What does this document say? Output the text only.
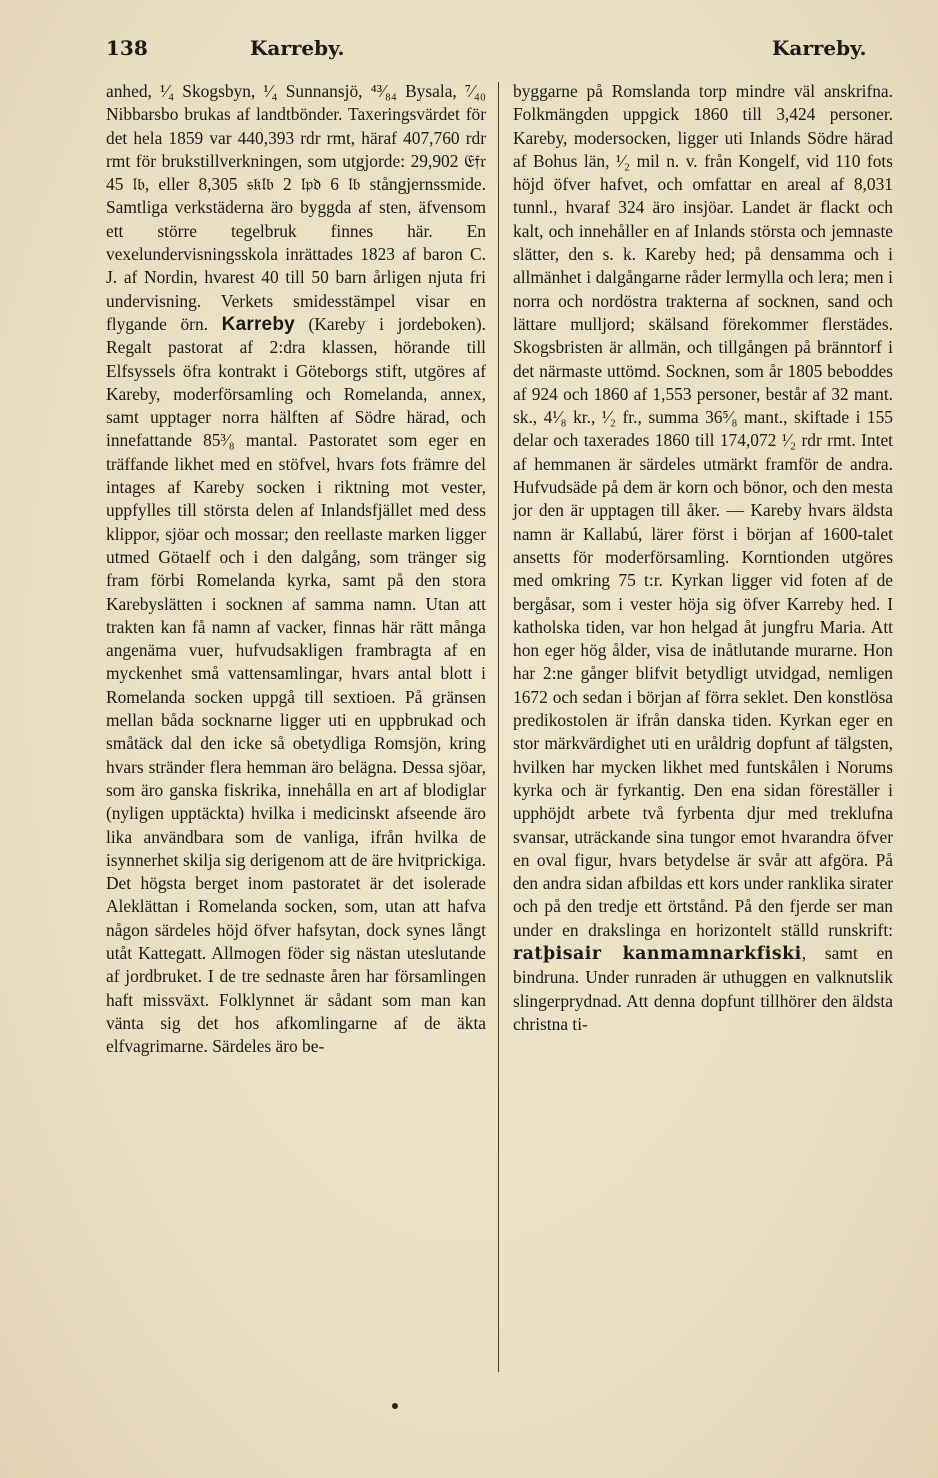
138	Karreby.	Karreby.

anhed, ¹⁄₄ Skogsbyn, ¹⁄₄ Sunnansjö, ⁴³⁄₈₄ Bysala, ⁷⁄₄₀ Nibbarsbo brukas af landtbönder. Taxeringsvärdet för det hela 1859 var 440,393 rdr rmt, häraf 407,760 rdr rmt för brukstillverkningen, som utgjorde: 29,902 𝔈𝔣𝔯 45 𝔩𝔟, eller 8,305 𝔰𝔨𝔩𝔟 2 𝔩𝔭𝔡 6 𝔩𝔟 stångjernssmide. Samtliga verkstäderna äro byggda af sten, äfvensom ett större tegelbruk finnes här. En vexelundervisningsskola inrättades 1823 af baron C. J. af Nordin, hvarest 40 till 50 barn årligen njuta fri undervisning. Verkets smidesstämpel visar en flygande örn. Karreby (Kareby i jordeboken). Regalt pastorat af 2:dra klassen, hörande till Elfsyssels öfra kontrakt i Göteborgs stift, utgöres af Kareby, moderförsamling och Romelanda, annex, samt upptager norra hälften af Södre härad, och innefattande 85³⁄₈ mantal. Pastoratet som eger en träffande likhet med en stöfvel, hvars fots främre del intages af Kareby socken i riktning mot vester, uppfylles till största delen af Inlandsfjället med dess klippor, sjöar och mossar; den reellaste marken ligger utmed Götaelf och i den dalgång, som tränger sig fram förbi Romelanda kyrka, samt på den stora Karebyslätten i socknen af samma namn. Utan att trakten kan få namn af vacker, finnas här rätt många angenäma vuer, hufvudsakligen frambragta af en myckenhet små vattensamlingar, hvars antal blott i Romelanda socken uppgå till sextioen. På gränsen mellan båda socknarne ligger uti en uppbrukad och småtäck dal den icke så obetydliga Romsjön, kring hvars stränder flera hemman äro belägna. Dessa sjöar, som äro ganska fiskrika, innehålla en art af blodiglar (nyligen upptäckta) hvilka i medicinskt afseende äro lika användbara som de vanliga, ifrån hvilka de isynnerhet skilja sig derigenom att de äre hvitprickiga. Det högsta berget inom pastoratet är det isolerade Aleklättan i Romelanda socken, som, utan att hafva någon särdeles höjd öfver hafsytan, dock synes långt utåt Kattegatt. Allmogen föder sig nästan uteslutande af jordbruket. I de tre sednaste åren har församlingen haft missväxt. Folklynnet är sådant som man kan vänta sig det hos afkomlingarne af de äkta elfvagrimarne. Särdeles äro be-

byggarne på Romslanda torp mindre väl anskrifna. Folkmängden uppgick 1860 till 3,424 personer. Kareby, modersocken, ligger uti Inlands Södre härad af Bohus län, ¹⁄₂ mil n. v. från Kongelf, vid 110 fots höjd öfver hafvet, och omfattar en areal af 8,031 tunnl., hvaraf 324 äro insjöar. Landet är flackt och kalt, och innehåller en af Inlands största och jemnaste slätter, den s. k. Kareby hed; på densamma och i allmänhet i dalgångarne råder lermylla och lera; men i norra och nordöstra trakterna af socknen, sand och lättare mulljord; skälsand förekommer flerstädes. Skogsbristen är allmän, och tillgången på bränntorf i det närmaste uttömd. Socknen, som år 1805 beboddes af 924 och 1860 af 1,553 personer, består af 32 mant. sk., 4¹⁄₈ kr., ¹⁄₂ fr., summa 36⁵⁄₈ mant., skiftade i 155 delar och taxerades 1860 till 174,072 ¹⁄₂ rdr rmt. Intet af hemmanen är särdeles utmärkt framför de andra. Hufvudsäde på dem är korn och bönor, och den mesta jor den är upptagen till åker. — Kareby hvars äldsta namn är Kallabú, lärer först i början af 1600-talet ansetts för moderförsamling. Korntionden utgöres med omkring 75 t:r. Kyrkan ligger vid foten af de bergåsar, som i vester höja sig öfver Karreby hed. I katholska tiden, var hon helgad åt jungfru Maria. Att hon eger hög ålder, visa de inåtlutande murarne. Hon har 2:ne gånger blifvit betydligt utvidgad, nemligen 1672 och sedan i början af förra seklet. Den konstlösa predikostolen är ifrån danska tiden. Kyrkan eger en stor märkvärdighet uti en uråldrig dopfunt af tälgsten, hvilken har mycken likhet med funtskålen i Norums kyrka och är fyrkantig. Den ena sidan föreställer i upphöjdt arbete två fyrbenta djur med treklufna svansar, uträckande sina tungor emot hvarandra öfver en oval figur, hvars betydelse är svår att afgöra. På den andra sidan afbildas ett kors under ranklika sirater och på den tredje ett örtstånd. På den fjerde ser man under en drakslinga en horizontelt ställd runskrift: ratþisair kanmamnarkfiski, samt en bindruna. Under runraden är uthuggen en valknutslik slingerprydnad. Att denna dopfunt tillhörer den äldsta christna ti-
